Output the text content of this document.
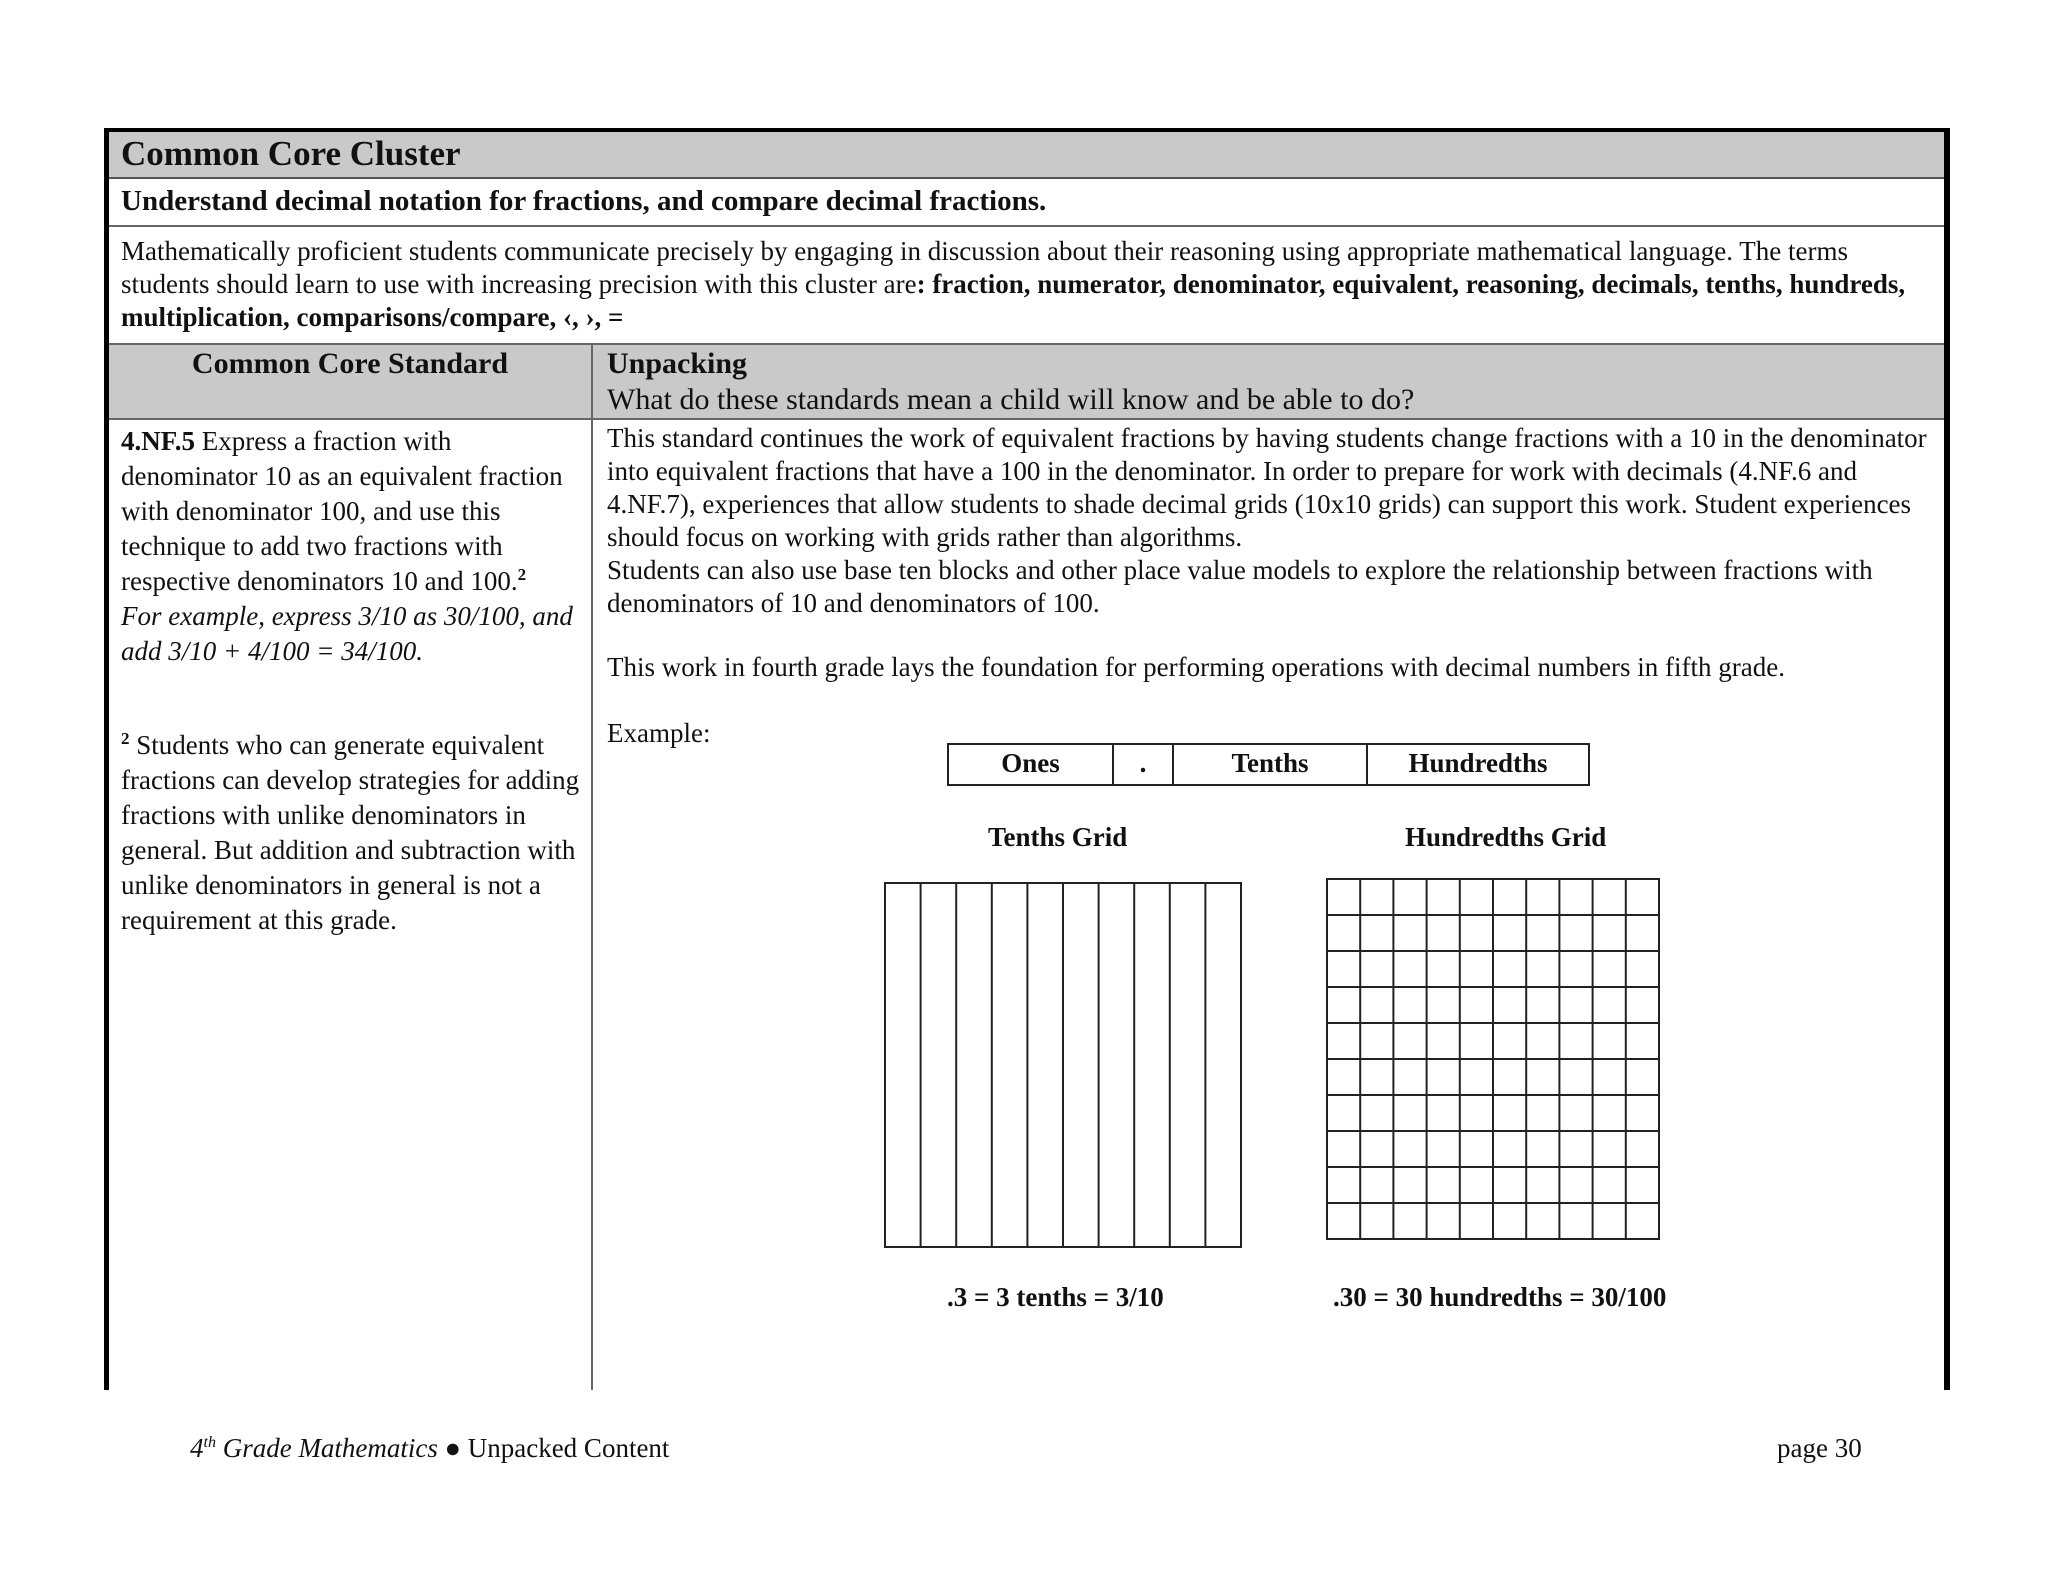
Common Core Cluster
Understand decimal notation for fractions, and compare decimal fractions.
Mathematically proficient students communicate precisely by engaging in discussion about their reasoning using appropriate mathematical language. The terms students should learn to use with increasing precision with this cluster are: fraction, numerator, denominator, equivalent, reasoning, decimals, tenths, hundreds, multiplication, comparisons/compare, ‹, ›, =
Common Core Standard	Unpacking
What do these standards mean a child will know and be able to do?
4.NF.5 Express a fraction with denominator 10 as an equivalent fraction with denominator 100, and use this technique to add two fractions with respective denominators 10 and 100.$^2$
For example, express 3/10 as 30/100, and add 3/10 + 4/100 = 34/100.
$^2$ Students who can generate equivalent fractions can develop strategies for adding fractions with unlike denominators in general. But addition and subtraction with unlike denominators in general is not a requirement at this grade.
This standard continues the work of equivalent fractions by having students change fractions with a 10 in the denominator into equivalent fractions that have a 100 in the denominator. In order to prepare for work with decimals (4.NF.6 and 4.NF.7), experiences that allow students to shade decimal grids (10x10 grids) can support this work. Student experiences should focus on working with grids rather than algorithms.
Students can also use base ten blocks and other place value models to explore the relationship between fractions with denominators of 10 and denominators of 100.
This work in fourth grade lays the foundation for performing operations with decimal numbers in fifth grade.
Example:
Ones	.	Tenths	Hundredths
Tenths Grid	Hundredths Grid
.3 = 3 tenths = 3/10	.30 = 30 hundredths = 30/100
4th Grade Mathematics ● Unpacked Content	page 30
